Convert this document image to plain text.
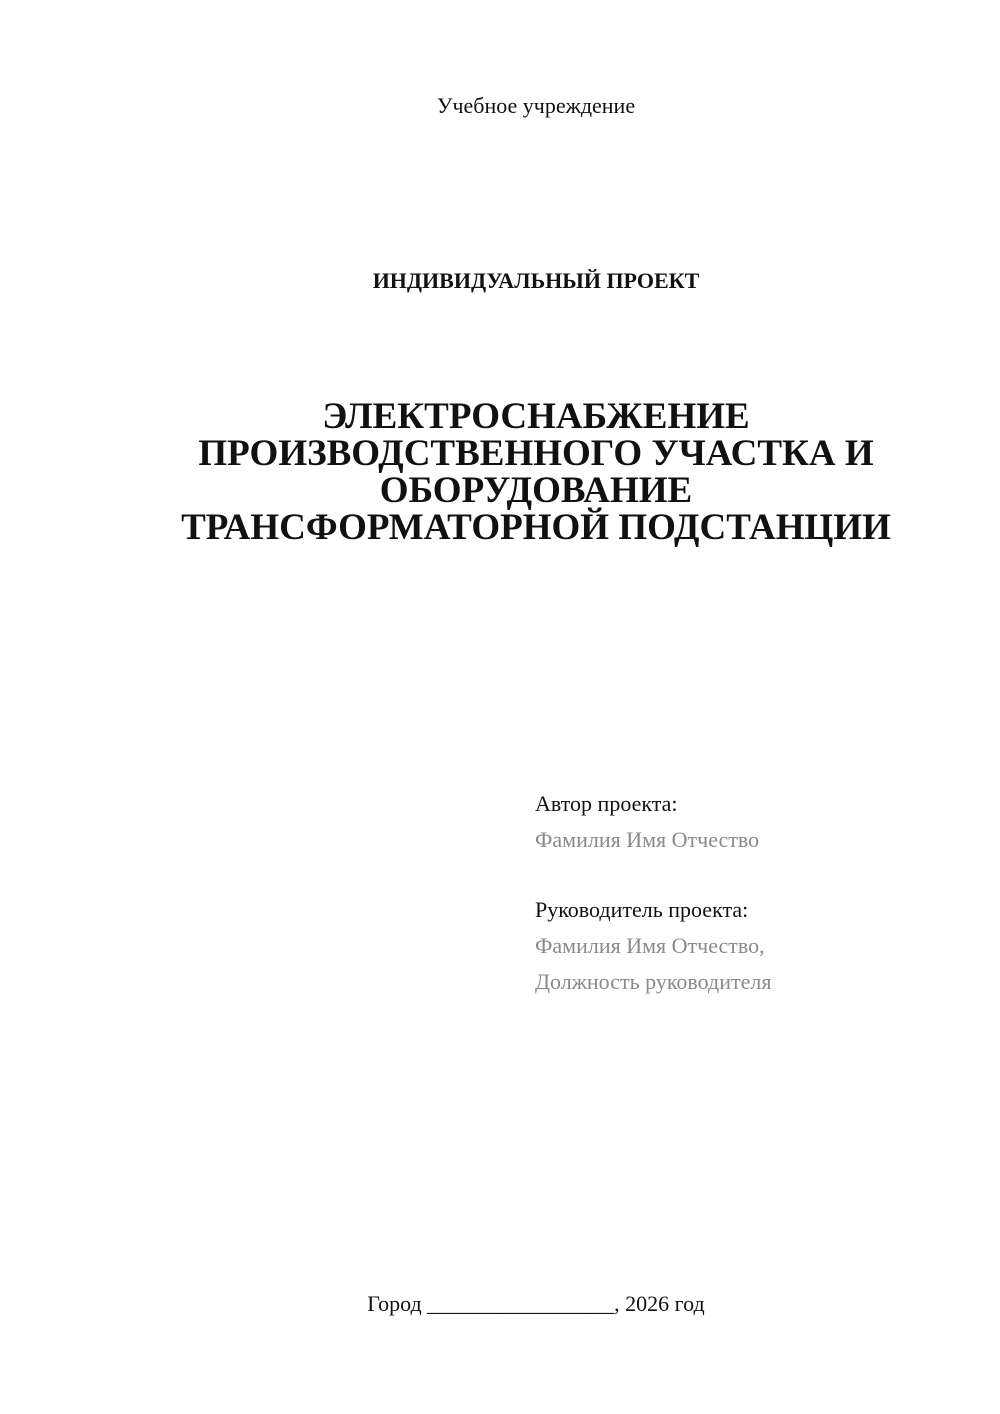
Учебное учреждение
ИНДИВИДУАЛЬНЫЙ ПРОЕКТ
ЭЛЕКТРОСНАБЖЕНИЕ
ПРОИЗВОДСТВЕННОГО УЧАСТКА И
ОБОРУДОВАНИЕ
ТРАНСФОРМАТОРНОЙ ПОДСТАНЦИИ
Автор проекта:
Фамилия Имя Отчество
Руководитель проекта:
Фамилия Имя Отчество,
Должность руководителя
Город _________________, 2026 год
